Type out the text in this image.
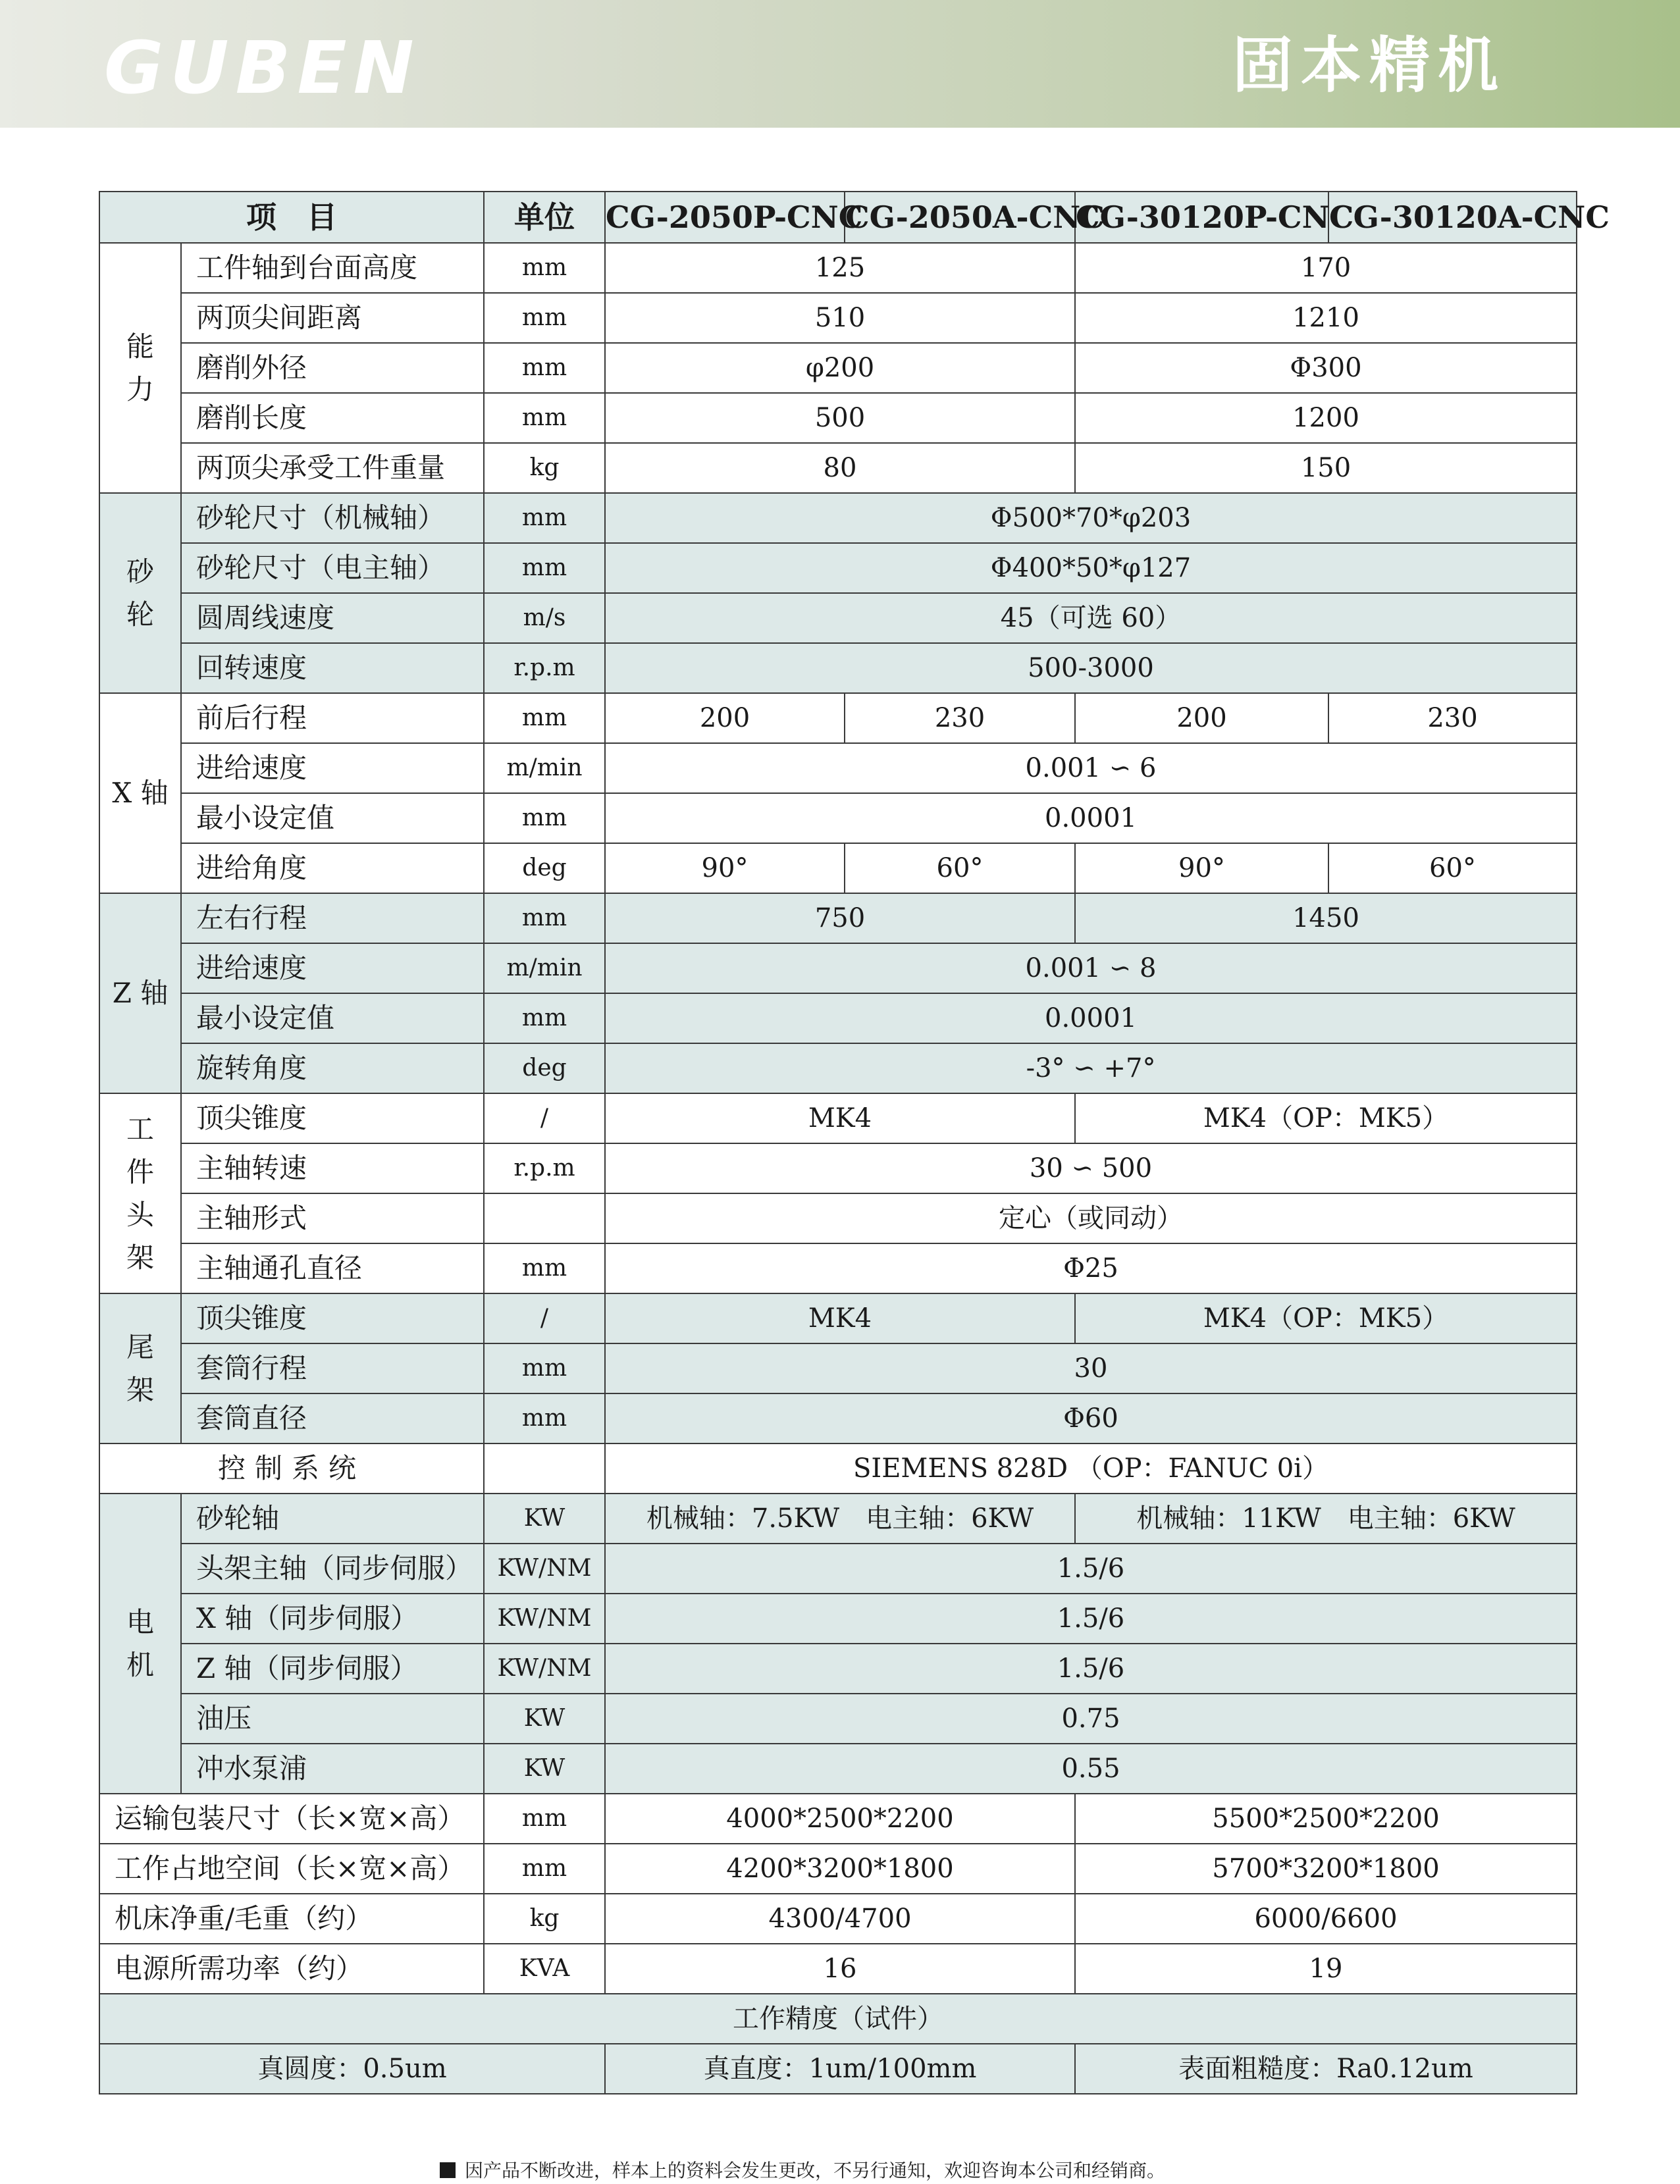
GUBEN	固本精机
项　目		单位	CG-2050P-CNC	CG-2050A-CNC	CG-30120P-CNC	CG-30120A-CNC
能
力	工件轴到台面高度	mm	125		170	
	两顶尖间距离	mm	510		1210	
	磨削外径	mm	φ200		Φ300	
	磨削长度	mm	500		1200	
	两顶尖承受工件重量	kg	80		150	
砂
轮	砂轮尺寸（机械轴）	mm	Φ500*70*φ203			
	砂轮尺寸（电主轴）	mm	Φ400*50*φ127			
	圆周线速度	m/s	45（可选 60）			
	回转速度	r.p.m	500-3000			
X 轴	前后行程	mm	200	230	200	230
	进给速度	m/min	0.001 ∽ 6			
	最小设定值	mm	0.0001			
	进给角度	deg	90°	60°	90°	60°
Z 轴	左右行程	mm	750		1450	
	进给速度	m/min	0.001 ∽ 8			
	最小设定值	mm	0.0001			
	旋转角度	deg	-3° ∽ +7°			
工
件
头
架	顶尖锥度	/	MK4		MK4（OP：MK5）	
	主轴转速	r.p.m	30 ∽ 500			
	主轴形式		定心（或同动）			
	主轴通孔直径	mm	Φ25			
尾
架	顶尖锥度	/	MK4		MK4（OP：MK5）	
	套筒行程	mm	30			
	套筒直径	mm	Φ60			
控制系统			SIEMENS 828D （OP：FANUC 0i）			
电
机	砂轮轴	KW	机械轴：7.5KW　电主轴：6KW		机械轴：11KW　电主轴：6KW	
	头架主轴（同步伺服）	KW/NM	1.5/6			
	X 轴（同步伺服）	KW/NM	1.5/6			
	Z 轴（同步伺服）	KW/NM	1.5/6			
	油压	KW	0.75			
	冲水泵浦	KW	0.55			
运输包装尺寸（长×宽×高）		mm	4000*2500*2200		5500*2500*2200	
工作占地空间（长×宽×高）		mm	4200*3200*1800		5700*3200*1800	
机床净重/毛重（约）		kg	4300/4700		6000/6600	
电源所需功率（约）		KVA	16		19	
工作精度（试件）						
真圆度：0.5um			真直度：1um/100mm		表面粗糙度：Ra0.12um	
因产品不断改进，样本上的资料会发生更改，不另行通知，欢迎咨询本公司和经销商。
